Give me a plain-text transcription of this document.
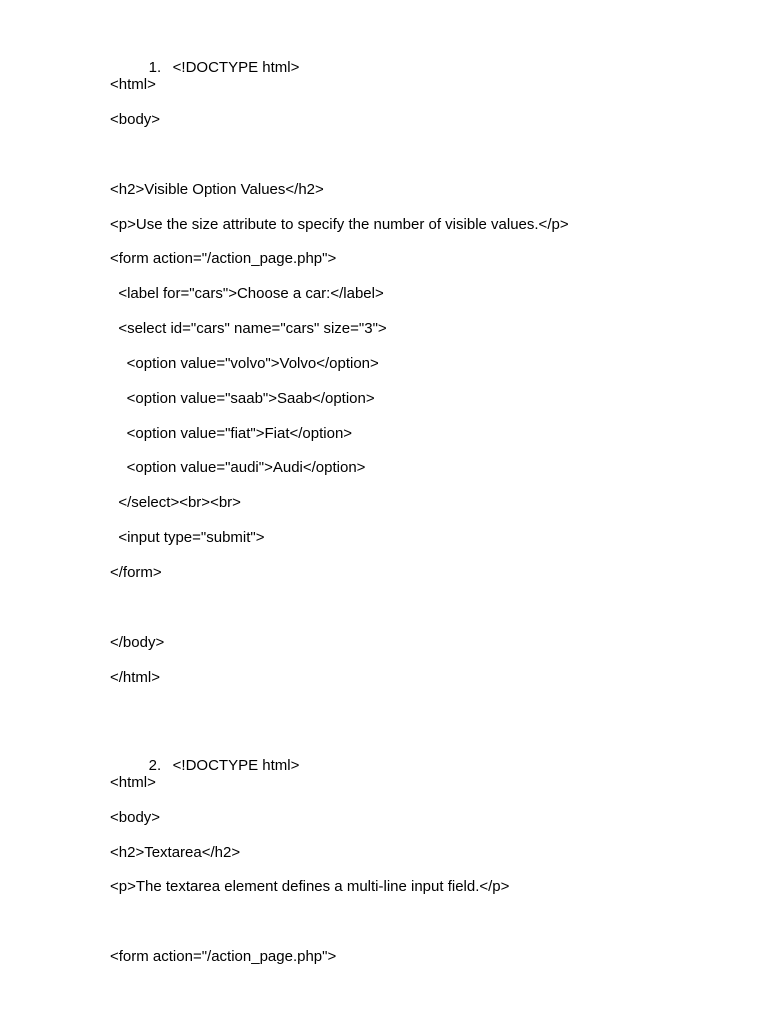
1. <!DOCTYPE html>

<html>
<body>
<h2>Visible Option Values</h2>
<p>Use the size attribute to specify the number of visible values.</p>
<form action="/action_page.php">
<label for="cars">Choose a car:</label>
<select id="cars" name="cars" size="3">
<option value="volvo">Volvo</option>
<option value="saab">Saab</option>
<option value="fiat">Fiat</option>
<option value="audi">Audi</option>
</select><br><br>
<input type="submit">
</form>
</body>
</html>

2. <!DOCTYPE html>

<html>
<body>
<h2>Textarea</h2>
<p>The textarea element defines a multi-line input field.</p>
<form action="/action_page.php">
